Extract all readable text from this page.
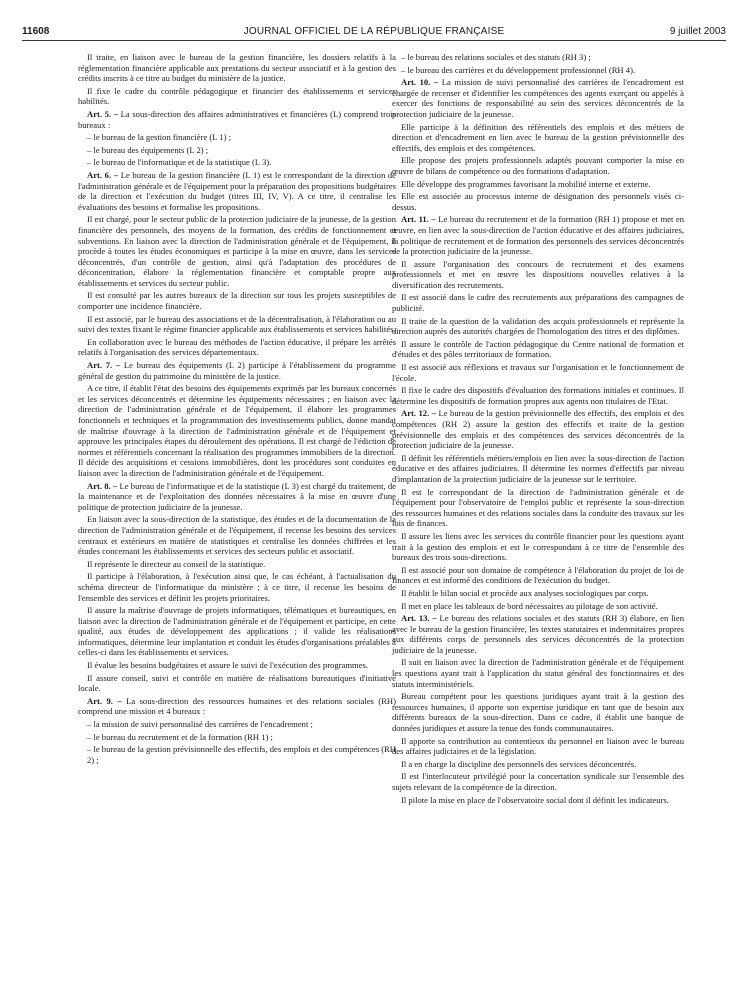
11608	JOURNAL OFFICIEL DE LA RÉPUBLIQUE FRANÇAISE	9 juillet 2003

Il traite, en liaison avec le bureau de la gestion financière, les dossiers relatifs à la réglementation financière applicable aux prestations du secteur associatif et à la gestion des crédits inscrits à ce titre au budget du ministère de la justice.

Il fixe le cadre du contrôle pédagogique et financier des établissements et services habilités.

Art. 5. – La sous-direction des affaires administratives et financières (L) comprend trois bureaux :

– le bureau de la gestion financière (L 1) ;

– le bureau des équipements (L 2) ;

– le bureau de l'informatique et de la statistique (L 3).

Art. 6. – Le bureau de la gestion financière (L 1) est le correspondant de la direction de l'administration générale et de l'équipement pour la préparation des propositions budgétaires de la direction et l'exécution du budget (titres III, IV, V). A ce titre, il centralise les évaluations des besoins et formalise les propositions.

Il est chargé, pour le secteur public de la protection judiciaire de la jeunesse, de la gestion financière des personnels, des moyens de la formation, des crédits de fonctionnement et subventions. En liaison avec la direction de l'administration générale et de l'équipement, il procède à toutes les études économiques et participe à la mise en œuvre, dans les services déconcentrés, d'un contrôle de gestion, ainsi qu'à l'adaptation des procédures de déconcentration, élabore la réglementation financière et comptable propre aux établissements et services du secteur public.

Il est consulté par les autres bureaux de la direction sur tous les projets susceptibles de comporter une incidence financière.

Il est associé, par le bureau des associations et de la décentralisation, à l'élaboration ou au suivi des textes fixant le régime financier applicable aux établissements et services habilités.

En collaboration avec le bureau des méthodes de l'action éducative, il prépare les arrêtés relatifs à l'organisation des services départementaux.

Art. 7. – Le bureau des équipements (L 2) participe à l'établissement du programme général de gestion du patrimoine du ministère de la justice.

A ce titre, il établit l'état des besoins des équipements exprimés par les bureaux concernés et les services déconcentrés et détermine les équipements nécessaires ; en liaison avec la direction de l'administration générale et de l'équipement, il élabore les programmes fonctionnels et techniques et la programmation des investissements publics, donne mandat de maîtrise d'ouvrage à la direction de l'administration générale et de l'équipement et approuve les principales étapes du déroulement des opérations. Il est chargé de l'édiction de normes et référentiels concernant la réalisation des programmes immobiliers de la direction. Il décide des acquisitions et cessions immobilières, dont les procédures sont conduites en liaison avec la direction de l'administration générale et de l'équipement.

Art. 8. – Le bureau de l'informatique et de la statistique (L 3) est chargé du traitement, de la maintenance et de l'exploitation des données nécessaires à la mise en œuvre d'une politique de protection judiciaire de la jeunesse.

En liaison avec la sous-direction de la statistique, des études et de la documentation de la direction de l'administration générale et de l'équipement, il recense les besoins des services centraux et extérieurs en matière de statistiques et centralise les données chiffrées et les études concernant les établissements et services des secteurs public et associatif.

Il représente le directeur au conseil de la statistique.

Il participe à l'élaboration, à l'exécution ainsi que, le cas échéant, à l'actualisation du schéma directeur de l'informatique du ministère ; à ce titre, il recense les besoins de l'ensemble des services et définit les projets prioritaires.

Il assure la maîtrise d'ouvrage de projets informatiques, télématiques et bureautiques, en liaison avec la direction de l'administration générale et de l'équipement et participe, en cette qualité, aux études de développement des applications ; il valide les réalisations informatiques, détermine leur implantation et conduit les études d'organisations préalables à celles-ci dans les établissements et services.

Il évalue les besoins budgétaires et assure le suivi de l'exécution des programmes.

Il assure conseil, suivi et contrôle en matière de réalisations bureautiques d'initiative locale.

Art. 9. – La sous-direction des ressources humaines et des relations sociales (RH) comprend une mission et 4 bureaux :

– la mission de suivi personnalisé des carrières de l'encadrement ;

– le bureau du recrutement et de la formation (RH 1) ;

– le bureau de la gestion prévisionnelle des effectifs, des emplois et des compétences (RH 2) ;

– le bureau des relations sociales et des statuts (RH 3) ;

– le bureau des carrières et du développement professionnel (RH 4).

Art. 10. – La mission de suivi personnalisé des carrières de l'encadrement est chargée de recenser et d'identifier les compétences des agents exerçant ou appelés à exercer des fonctions de responsabilité au sein des services déconcentrés de la protection judiciaire de la jeunesse.

Elle participe à la définition des référentiels des emplois et des métiers de direction et d'encadrement en lien avec le bureau de la gestion prévisionnelle des effectifs, des emplois et des compétences.

Elle propose des projets professionnels adaptés pouvant comporter la mise en œuvre de bilans de compétence ou des formations d'adaptation.

Elle développe des programmes favorisant la mobilité interne et externe.

Elle est associée au processus interne de désignation des personnels visés ci-dessus.

Art. 11. – Le bureau du recrutement et de la formation (RH 1) propose et met en œuvre, en lien avec la sous-direction de l'action éducative et des affaires judiciaires, la politique de recrutement et de formation des personnels des services déconcentrés de la protection judiciaire de la jeunesse.

Il assure l'organisation des concours de recrutement et des examens professionnels et met en œuvre les dispositions nouvelles relatives à la diversification des recrutements.

Il est associé dans le cadre des recrutements aux préparations des campagnes de publicité.

Il traite de la question de la validation des acquis professionnels et représente la direction auprès des autorités chargées de l'homologation des titres et des diplômes.

Il assure le contrôle de l'action pédagogique du Centre national de formation et d'études et des pôles territoriaux de formation.

Il est associé aux réflexions et travaux sur l'organisation et le fonctionnement de l'école.

Il fixe le cadre des dispositifs d'évaluation des formations initiales et continues. Il détermine les dispositifs de formation propres aux agents non titulaires de l'Etat.

Art. 12. – Le bureau de la gestion prévisionnelle des effectifs, des emplois et des compétences (RH 2) assure la gestion des effectifs et traite de la gestion prévisionnelle des emplois et des compétences des services déconcentrés de la protection judiciaire de la jeunesse.

Il définit les référentiels métiers/emplois en lien avec la sous-direction de l'action éducative et des affaires judiciaires. Il détermine les normes d'effectifs par niveau d'implantation de la protection judiciaire de la jeunesse sur le territoire.

Il est le correspondant de la direction de l'administration générale et de l'équipement pour l'observatoire de l'emploi public et représente la sous-direction des ressources humaines et des relations sociales dans la conduite des travaux sur les lois de finances.

Il assure les liens avec les services du contrôle financier pour les questions ayant trait à la gestion des emplois et est le correspondant à ce titre de l'ensemble des bureaux des trois sous-directions.

Il est associé pour son domaine de compétence à l'élaboration du projet de loi de finances et est informé des conditions de l'exécution du budget.

Il établit le bilan social et procède aux analyses sociologiques par corps.

Il met en place les tableaux de bord nécessaires au pilotage de son activité.

Art. 13. – Le bureau des relations sociales et des statuts (RH 3) élabore, en lien avec le bureau de la gestion financière, les textes statutaires et indemnitaires propres aux différents corps de personnels des services déconcentrés de la protection judiciaire de la jeunesse.

Il suit en liaison avec la direction de l'administration générale et de l'équipement les questions ayant trait à l'application du statut général des fonctionnaires et des statuts interministériels.

Bureau compétent pour les questions juridiques ayant trait à la gestion des ressources humaines, il apporte son expertise juridique en tant que de besoin aux différents bureaux de la sous-direction. Dans ce cadre, il établit une banque de données juridiques et assure la tenue des fonds communautaires.

Il apporte sa contribution au contentieux du personnel en liaison avec le bureau des affaires judiciaires et de la législation.

Il a en charge la discipline des personnels des services déconcentrés.

Il est l'interlocuteur privilégié pour la concertation syndicale sur l'ensemble des sujets relevant de la compétence de la direction.

Il pilote la mise en place de l'observatoire social dont il définit les indicateurs.
